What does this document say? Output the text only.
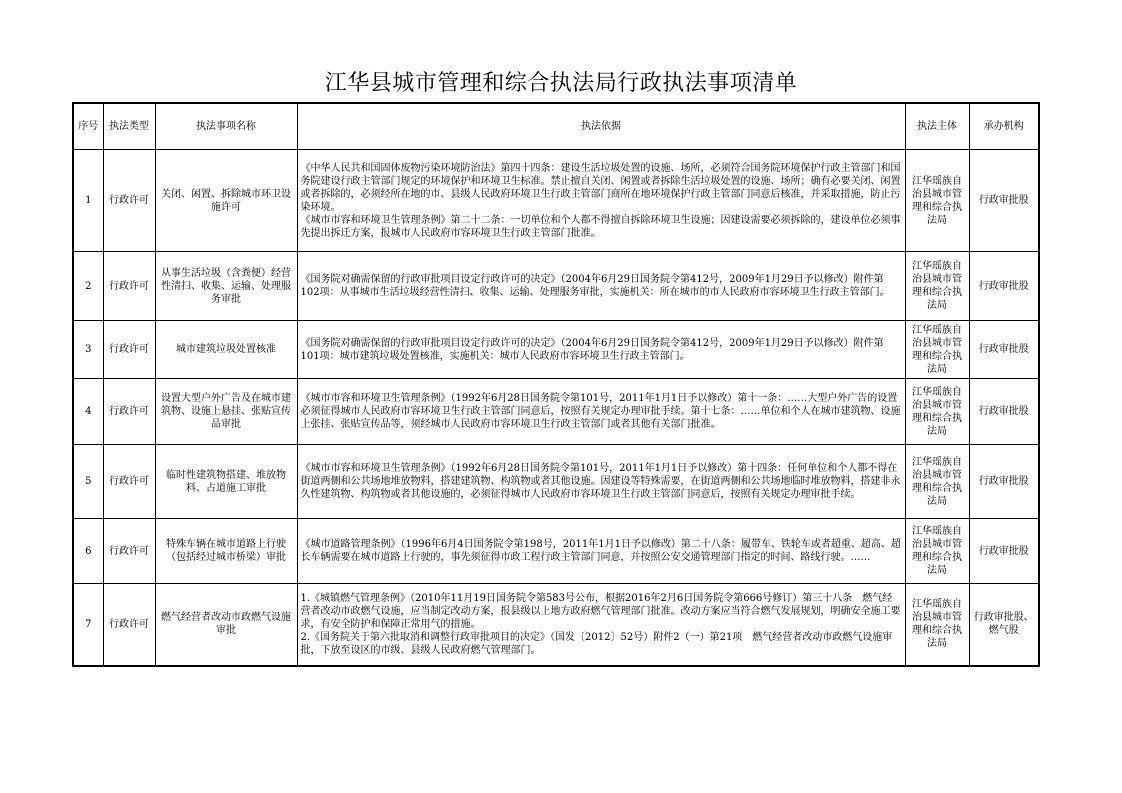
江华县城市管理和综合执法局行政执法事项清单
序号	执法类型	执法事项名称	执法依据	执法主体	承办机构
1	行政许可	关闭、闲置、拆除城市环卫设施许可	《中华人民共和国固体废物污染环境防治法》第四十四条：建设生活垃圾处置的设施、场所，必须符合国务院环境保护行政主管部门和国务院建设行政主管部门规定的环境保护和环境卫生标准。禁止擅自关闭、闲置或者拆除生活垃圾处置的设施、场所；确有必要关闭、闲置或者拆除的，必须经所在地的市、县级人民政府环境卫生行政主管部门商所在地环境保护行政主管部门同意后核准，并采取措施，防止污染环境。
《城市市容和环境卫生管理条例》第二十二条：一切单位和个人都不得擅自拆除环境卫生设施；因建设需要必须拆除的，建设单位必须事先提出拆迁方案，报城市人民政府市容环境卫生行政主管部门批准。	江华瑶族自治县城市管理和综合执法局	行政审批股
2	行政许可	从事生活垃圾（含粪便）经营性清扫、收集、运输、处理服务审批	《国务院对确需保留的行政审批项目设定行政许可的决定》（2004年6月29日国务院令第412号，2009年1月29日予以修改）附件第102项：从事城市生活垃圾经营性清扫、收集、运输、处理服务审批，实施机关：所在城市的市人民政府市容环境卫生行政主管部门。	江华瑶族自治县城市管理和综合执法局	行政审批股
3	行政许可	城市建筑垃圾处置核准	《国务院对确需保留的行政审批项目设定行政许可的决定》（2004年6月29日国务院令第412号，2009年1月29日予以修改）附件第101项：城市建筑垃圾处置核准，实施机关：城市人民政府市容环境卫生行政主管部门。	江华瑶族自治县城市管理和综合执法局	行政审批股
4	行政许可	设置大型户外广告及在城市建筑物、设施上悬挂、张贴宣传品审批	《城市市容和环境卫生管理条例》（1992年6月28日国务院令第101号，2011年1月1日予以修改）第十一条：……大型户外广告的设置必须征得城市人民政府市容环境卫生行政主管部门同意后，按照有关规定办理审批手续。第十七条：……单位和个人在城市建筑物、设施上张挂、张贴宣传品等，须经城市人民政府市容环境卫生行政主管部门或者其他有关部门批准。	江华瑶族自治县城市管理和综合执法局	行政审批股
5	行政许可	临时性建筑物搭建、堆放物料、占道施工审批	《城市市容和环境卫生管理条例》（1992年6月28日国务院令第101号，2011年1月1日予以修改）第十四条：任何单位和个人都不得在街道两侧和公共场地堆放物料，搭建建筑物、构筑物或者其他设施。因建设等特殊需要，在街道两侧和公共场地临时堆放物料，搭建非永久性建筑物、构筑物或者其他设施的，必须征得城市人民政府市容环境卫生行政主管部门同意后，按照有关规定办理审批手续。	江华瑶族自治县城市管理和综合执法局	行政审批股
6	行政许可	特殊车辆在城市道路上行驶（包括经过城市桥梁）审批	《城市道路管理条例》（1996年6月4日国务院令第198号，2011年1月1日予以修改）第二十八条：履带车、铁轮车或者超重、超高、超长车辆需要在城市道路上行驶的，事先须征得市政工程行政主管部门同意，并按照公安交通管理部门指定的时间、路线行驶。……	江华瑶族自治县城市管理和综合执法局	行政审批股
7	行政许可	燃气经营者改动市政燃气设施审批	1.《城镇燃气管理条例》（2010年11月19日国务院令第583号公布，根据2016年2月6日国务院令第666号修订）第三十八条　燃气经营者改动市政燃气设施，应当制定改动方案，报县级以上地方政府燃气管理部门批准。改动方案应当符合燃气发展规划，明确安全施工要求，有安全防护和保障正常用气的措施。
2.《国务院关于第六批取消和调整行政审批项目的决定》（国发〔2012〕52号）附件2（一）第21项　燃气经营者改动市政燃气设施审批，下放至设区的市级、县级人民政府燃气管理部门。	江华瑶族自治县城市管理和综合执法局	行政审批股、燃气股
